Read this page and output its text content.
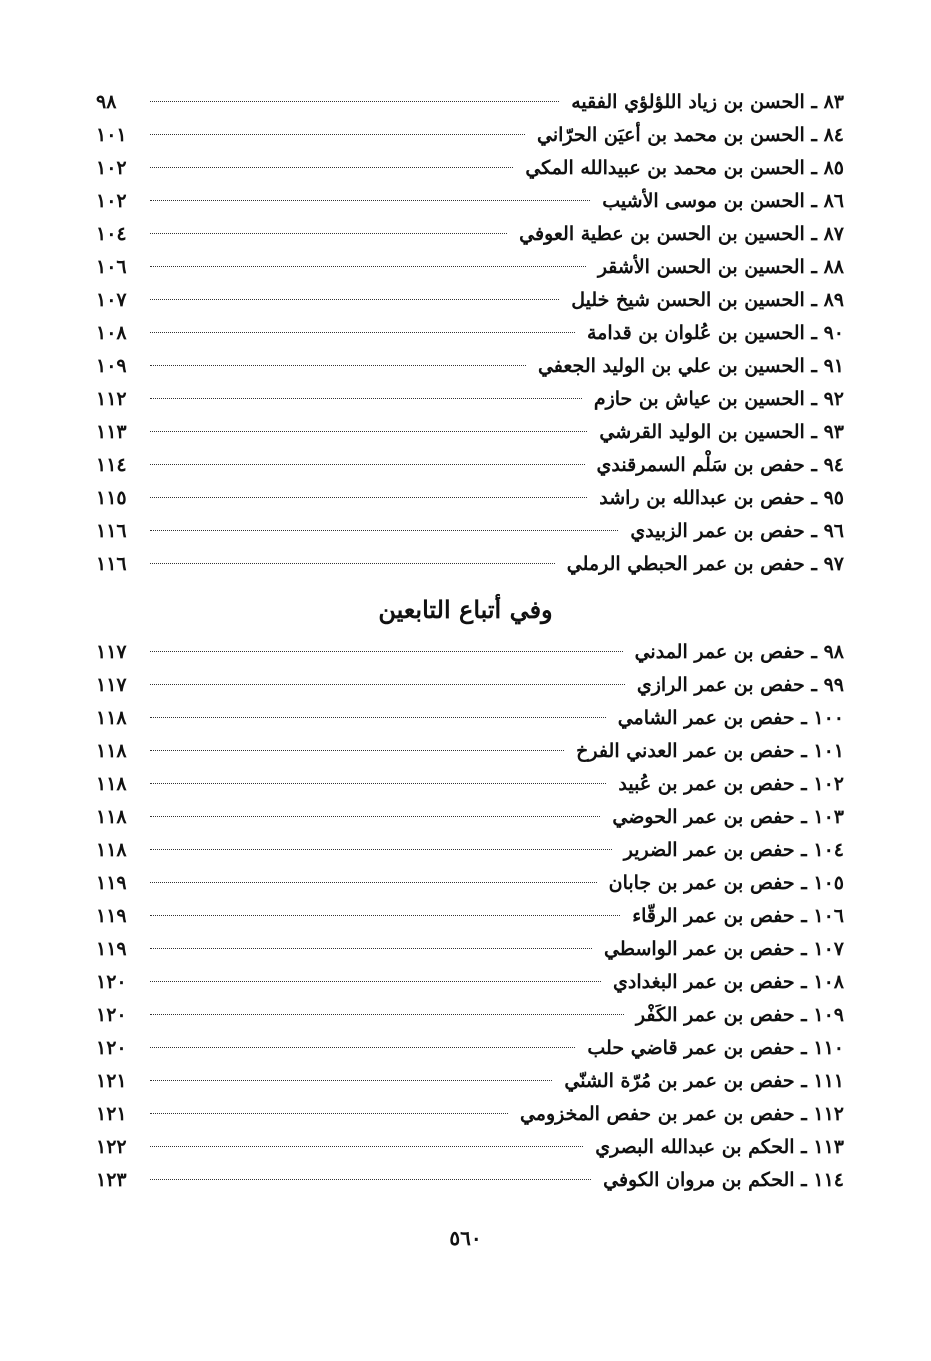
٨٣ ـ الحسن بن زياد اللؤلؤي الفقيه
٩٨
٨٤ ـ الحسن بن محمد بن أعيَن الحرّاني
١٠١
٨٥ ـ الحسن بن محمد بن عبيدالله المكي
١٠٢
٨٦ ـ الحسن بن موسى الأشيب
١٠٢
٨٧ ـ الحسين بن الحسن بن عطية العوفي
١٠٤
٨٨ ـ الحسين بن الحسن الأشقر
١٠٦
٨٩ ـ الحسين بن الحسن شيخ خليل
١٠٧
٩٠ ـ الحسين بن عُلوان بن قدامة
١٠٨
٩١ ـ الحسين بن علي بن الوليد الجعفي
١٠٩
٩٢ ـ الحسين بن عياش بن حازم
١١٢
٩٣ ـ الحسين بن الوليد القرشي
١١٣
٩٤ ـ حفص بن سَلْم السمرقندي
١١٤
٩٥ ـ حفص بن عبدالله بن راشد
١١٥
٩٦ ـ حفص بن عمر الزبيدي
١١٦
٩٧ ـ حفص بن عمر الحبطي الرملي
١١٦
وفي أتباع التابعين
٩٨ ـ حفص بن عمر المدني
١١٧
٩٩ ـ حفص بن عمر الرازي
١١٧
١٠٠ ـ حفص بن عمر الشامي
١١٨
١٠١ ـ حفص بن عمر العدني الفرخ
١١٨
١٠٢ ـ حفص بن عمر بن عُبيد
١١٨
١٠٣ ـ حفص بن عمر الحوضي
١١٨
١٠٤ ـ حفص بن عمر الضرير
١١٨
١٠٥ ـ حفص بن عمر بن جابان
١١٩
١٠٦ ـ حفص بن عمر الرقّاء
١١٩
١٠٧ ـ حفص بن عمر الواسطي
١١٩
١٠٨ ـ حفص بن عمر البغدادي
١٢٠
١٠٩ ـ حفص بن عمر الكَفْر
١٢٠
١١٠ ـ حفص بن عمر قاضي حلب
١٢٠
١١١ ـ حفص بن عمر بن مُرّة الشنّي
١٢١
١١٢ ـ حفص بن عمر بن حفص المخزومي
١٢١
١١٣ ـ الحكم بن عبدالله البصري
١٢٢
١١٤ ـ الحكم بن مروان الكوفي
١٢٣
٥٦٠
